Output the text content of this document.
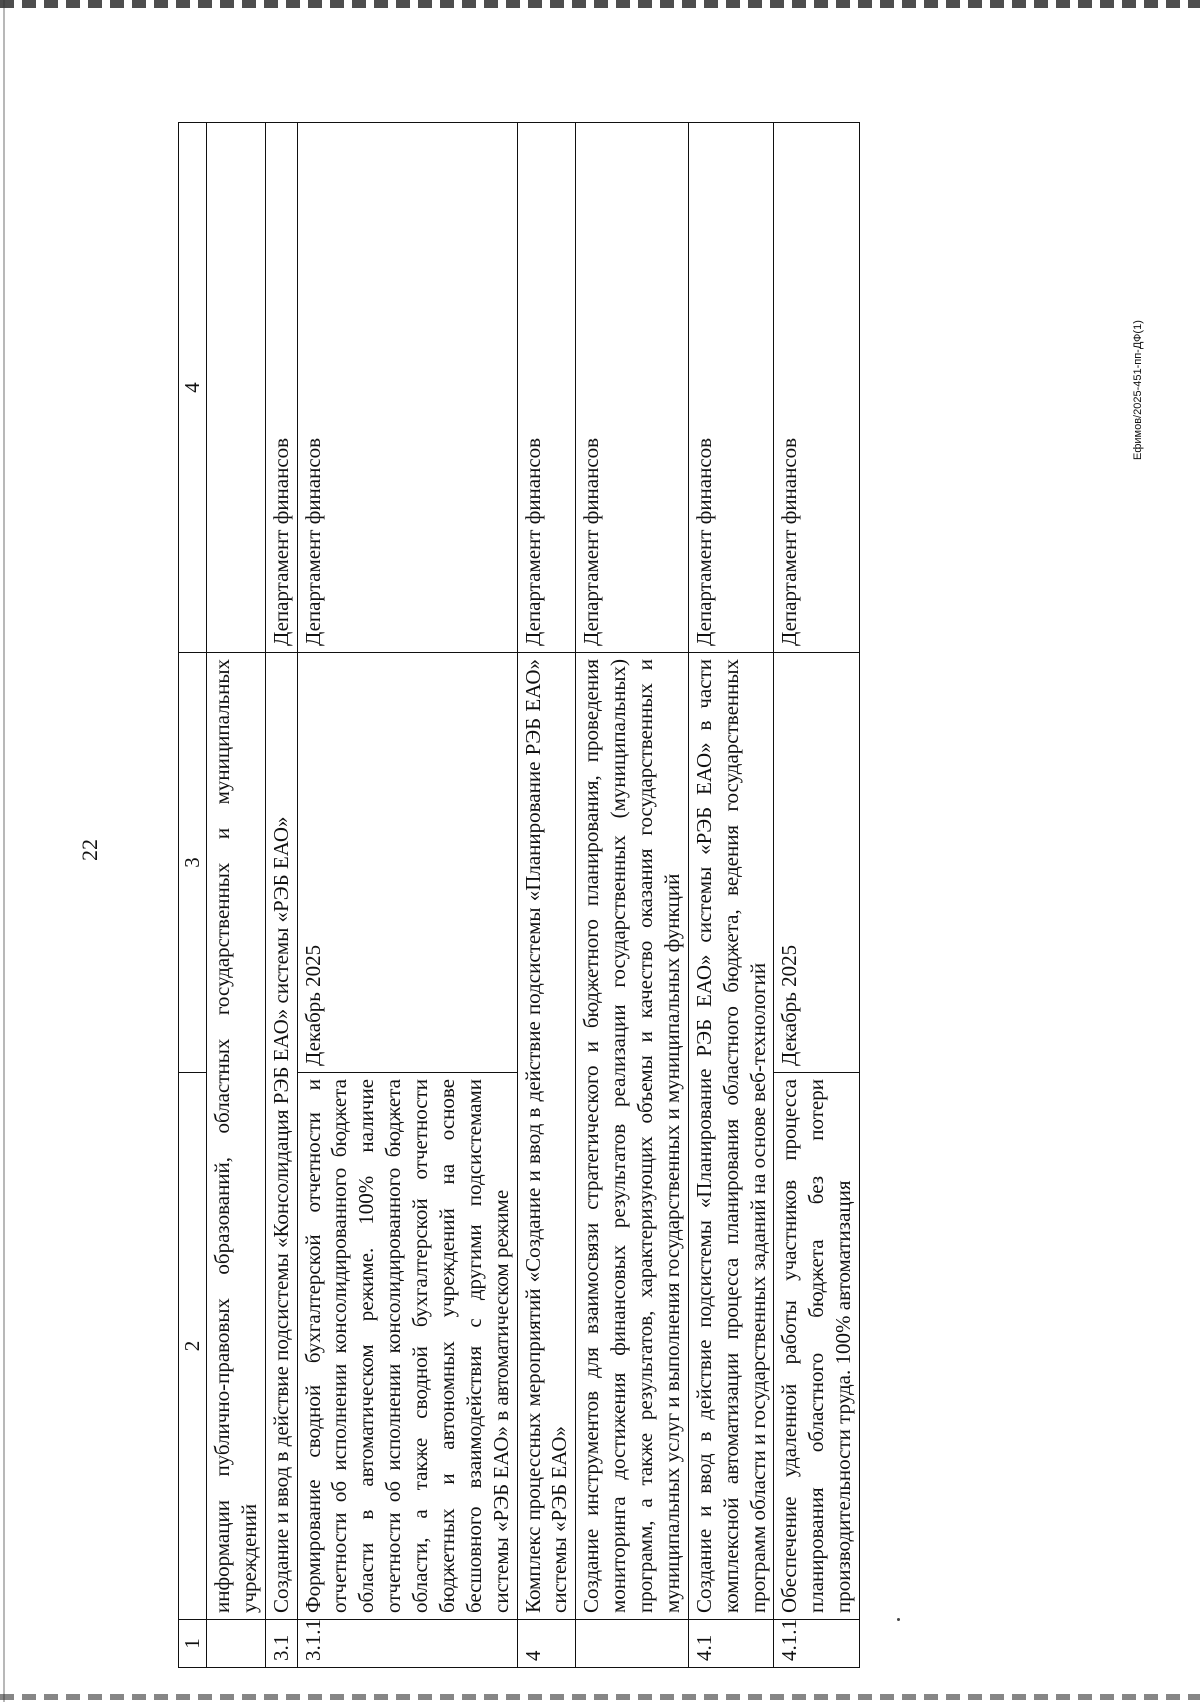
22
Ефимов/2025-451-пп-ДФ(1)
1	2	3	4
	информации публично-правовых образований, областных государственных и муниципальных учреждений		
3.1	Создание и ввод в действие подсистемы «Консолидация РЭБ ЕАО» системы «РЭБ ЕАО»		Департамент финансов
3.1.1	Формирование сводной бухгалтерской отчетности и отчетности об исполнении консолидированного бюджета области в автоматическом режиме. 100% наличие отчетности об исполнении консолидированного бюджета области, а также сводной бухгалтерской отчетности бюджетных и автономных учреждений на основе бесшовного взаимодействия с другими подсистемами системы «РЭБ ЕАО» в автоматическом режиме	Декабрь 2025	Департамент финансов
4	Комплекс процессных мероприятий «Создание и ввод в действие подсистемы «Планирование РЭБ ЕАО» системы «РЭБ ЕАО»		Департамент финансов
	Создание инструментов для взаимосвязи стратегического и бюджетного планирования, проведения мониторинга достижения финансовых результатов реализации государственных (муниципальных) программ, а также результатов, характеризующих объемы и качество оказания государственных и муниципальных услуг и выполнения государственных и муниципальных функций		Департамент финансов
4.1	Создание и ввод в действие подсистемы «Планирование РЭБ ЕАО» системы «РЭБ ЕАО» в части комплексной автоматизации процесса планирования областного бюджета, ведения государственных программ области и государственных заданий на основе веб-технологий		Департамент финансов
4.1.1	Обеспечение удаленной работы участников процесса планирования областного бюджета без потери производительности труда. 100% автоматизация	Декабрь 2025	Департамент финансов
